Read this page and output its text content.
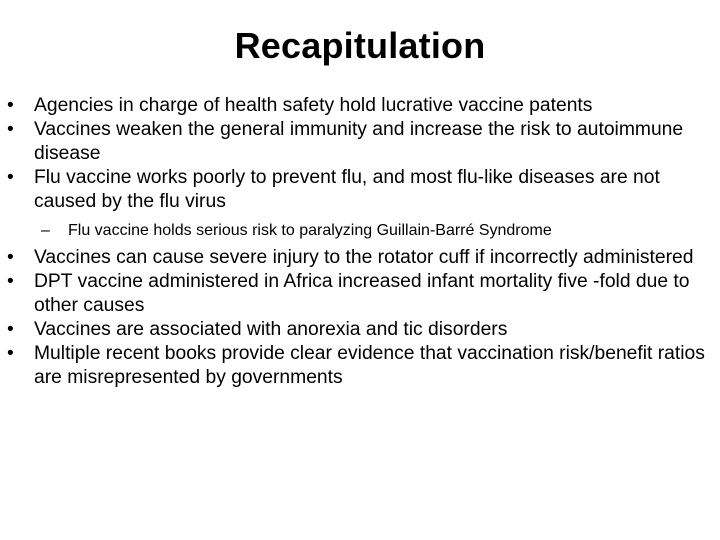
Recapitulation
• Agencies in charge of health safety hold lucrative vaccine patents
• Vaccines weaken the general immunity and increase the risk to autoimmune disease
• Flu vaccine works poorly to prevent flu, and most flu-like diseases are not caused by the flu virus
– Flu vaccine holds serious risk to paralyzing Guillain-Barré Syndrome
• Vaccines can cause severe injury to the rotator cuff if incorrectly administered
• DPT vaccine administered in Africa increased infant mortality five -fold due to other causes
• Vaccines are associated with anorexia and tic disorders
• Multiple recent books provide clear evidence that vaccination risk/benefit ratios are misrepresented by governments
